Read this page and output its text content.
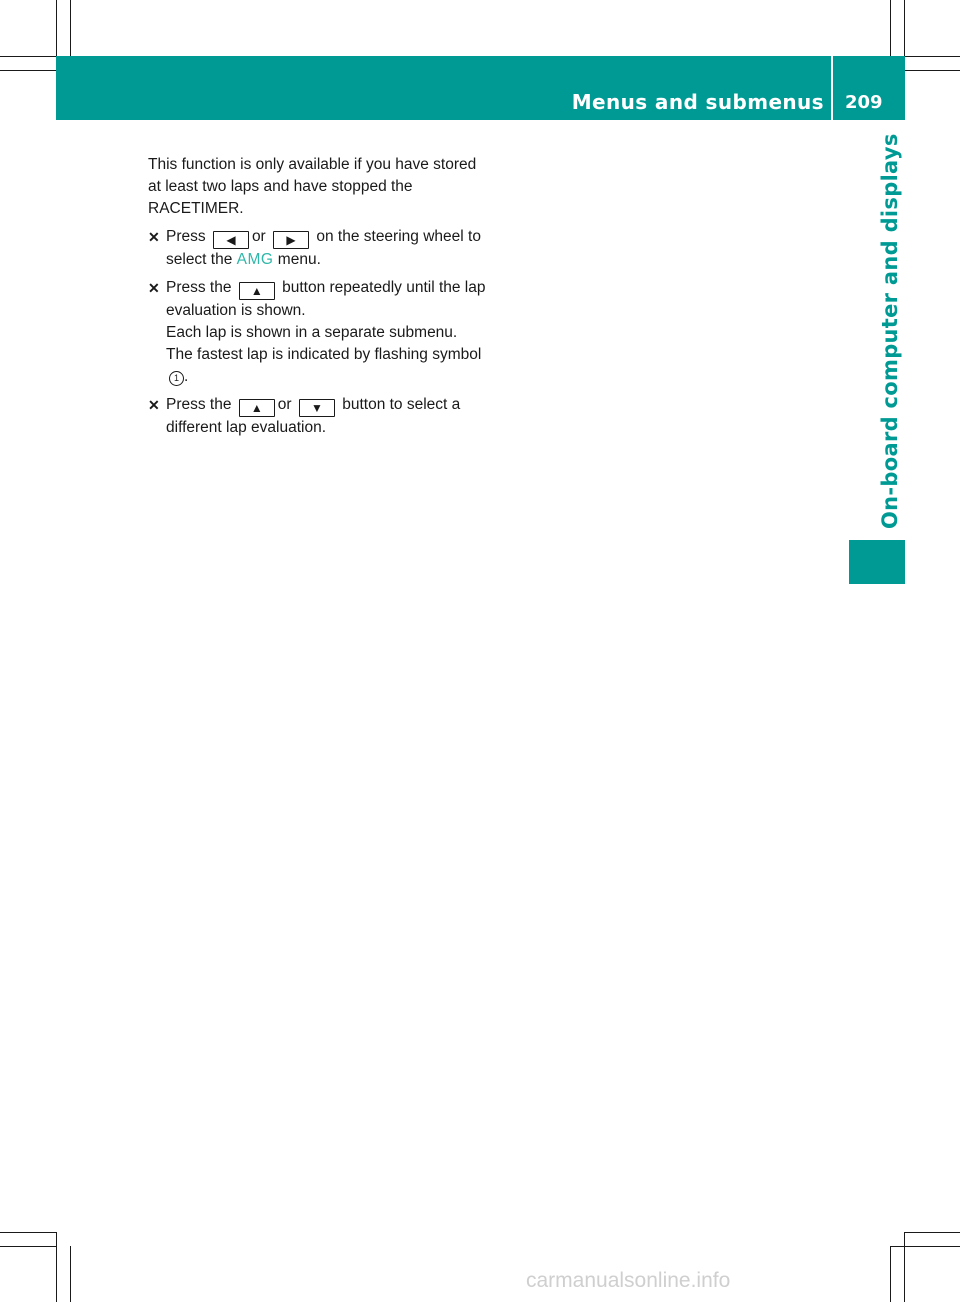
Menus and submenus 209
On-board computer and displays

This function is only available if you have stored at least two laps and have stopped the RACETIMER.

✕ Press ◀ or ▶ on the steering wheel to select the AMG menu.
✕ Press the ▲ button repeatedly until the lap evaluation is shown.
Each lap is shown in a separate submenu.
The fastest lap is indicated by flashing symbol1 .
✕ Press the ▲ or ▼ button to select a different lap evaluation.
carmanualsonline.info
